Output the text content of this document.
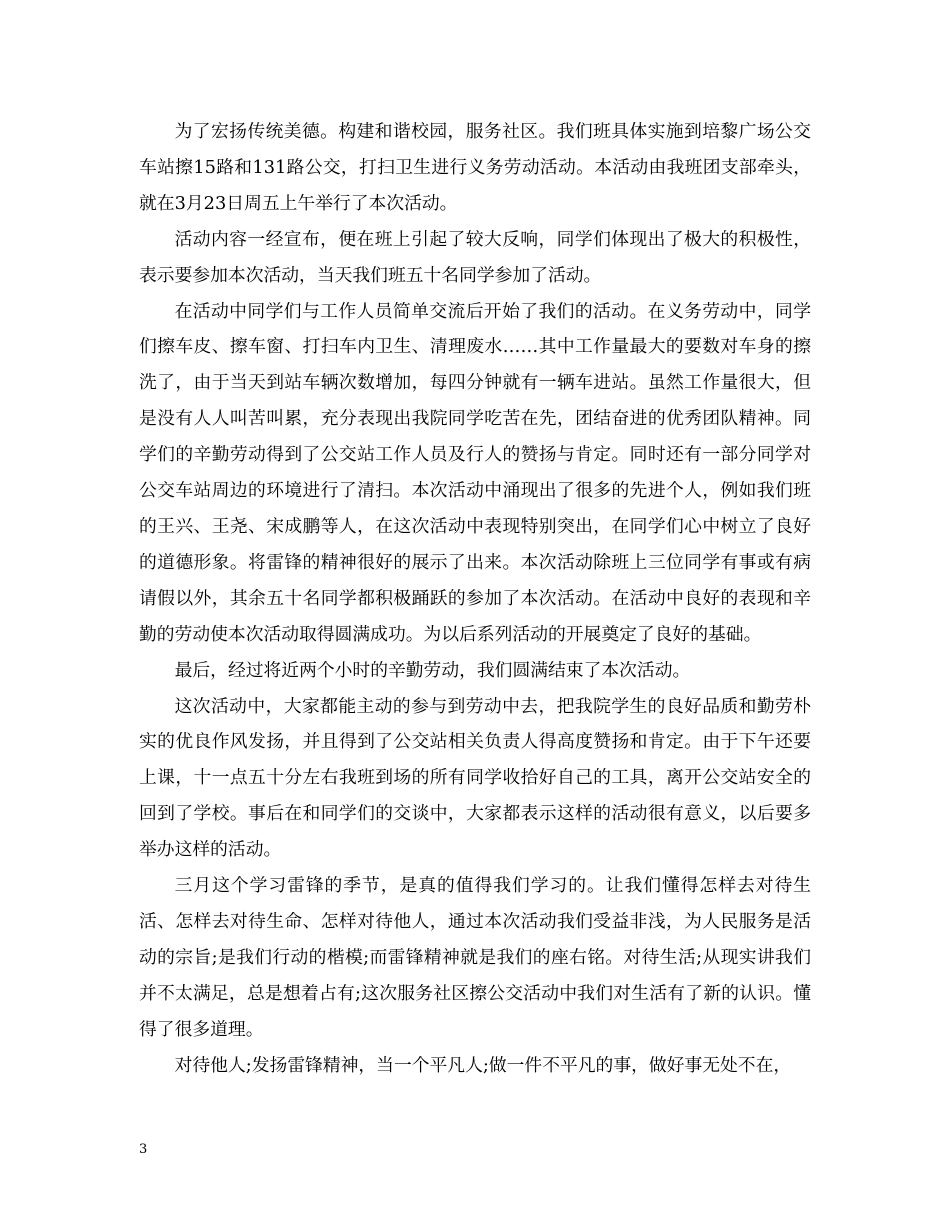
为了宏扬传统美德。构建和谐校园，服务社区。我们班具体实施到培黎广场公交车站擦15路和131路公交，打扫卫生进行义务劳动活动。本活动由我班团支部牵头，就在3月23日周五上午举行了本次活动。

活动内容一经宣布，便在班上引起了较大反响，同学们体现出了极大的积极性，表示要参加本次活动，当天我们班五十名同学参加了活动。

在活动中同学们与工作人员简单交流后开始了我们的活动。在义务劳动中，同学们擦车皮、擦车窗、打扫车内卫生、清理废水……其中工作量最大的要数对车身的擦洗了，由于当天到站车辆次数增加，每四分钟就有一辆车进站。虽然工作量很大，但是没有人人叫苦叫累，充分表现出我院同学吃苦在先，团结奋进的优秀团队精神。同学们的辛勤劳动得到了公交站工作人员及行人的赞扬与肯定。同时还有一部分同学对公交车站周边的环境进行了清扫。本次活动中涌现出了很多的先进个人，例如我们班的王兴、王尧、宋成鹏等人，在这次活动中表现特别突出，在同学们心中树立了良好的道德形象。将雷锋的精神很好的展示了出来。本次活动除班上三位同学有事或有病请假以外，其余五十名同学都积极踊跃的参加了本次活动。在活动中良好的表现和辛勤的劳动使本次活动取得圆满成功。为以后系列活动的开展奠定了良好的基础。

最后，经过将近两个小时的辛勤劳动，我们圆满结束了本次活动。

这次活动中，大家都能主动的参与到劳动中去，把我院学生的良好品质和勤劳朴实的优良作风发扬，并且得到了公交站相关负责人得高度赞扬和肯定。由于下午还要上课，十一点五十分左右我班到场的所有同学收拾好自己的工具，离开公交站安全的回到了学校。事后在和同学们的交谈中，大家都表示这样的活动很有意义，以后要多举办这样的活动。

三月这个学习雷锋的季节，是真的值得我们学习的。让我们懂得怎样去对待生活、怎样去对待生命、怎样对待他人，通过本次活动我们受益非浅，为人民服务是活动的宗旨;是我们行动的楷模;而雷锋精神就是我们的座右铭。对待生活;从现实讲我们并不太满足，总是想着占有;这次服务社区擦公交活动中我们对生活有了新的认识。懂得了很多道理。

对待他人;发扬雷锋精神，当一个平凡人;做一件不平凡的事，做好事无处不在，

3
